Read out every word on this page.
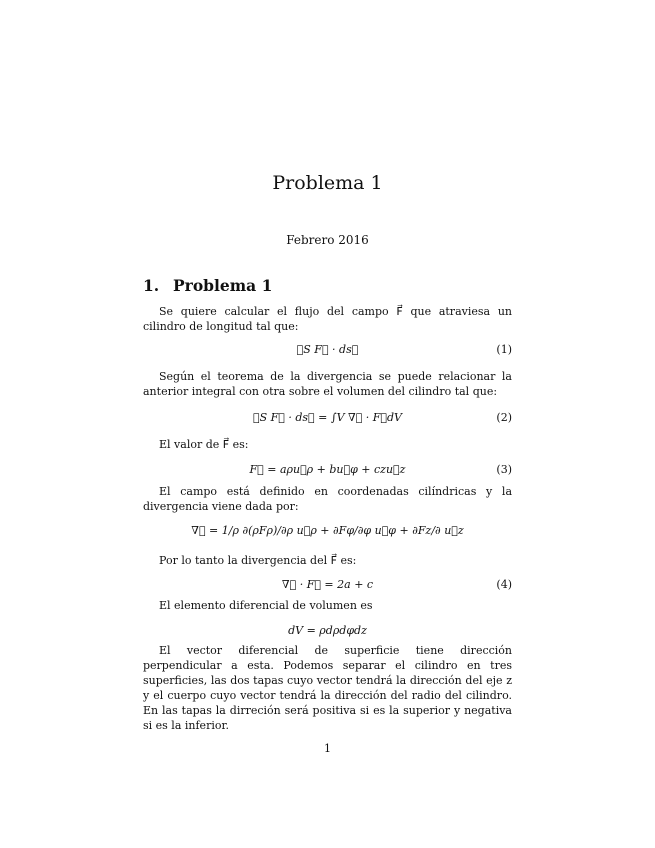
Problema 1
Febrero 2016
1. Problema 1
Se quiere calcular el flujo del campo F⃗ que atraviesa un cilindro de longitud tal que:
∮S F⃗ · ds⃗	(1)
Según el teorema de la divergencia se puede relacionar la anterior integral con otra sobre el volumen del cilindro tal que:
∮S F⃗ · ds⃗ = ∫V ∇⃗ · F⃗dV	(2)
El valor de F⃗ es:
F⃗ = aρu⃗ρ + bu⃗φ + czu⃗z	(3)
El campo está definido en coordenadas cilíndricas y la divergencia viene dada por:
∇⃗ = 1/ρ ∂(ρFρ)/∂ρ u⃗ρ + ∂Fφ/∂φ u⃗φ + ∂Fz/∂ u⃗z
Por lo tanto la divergencia del F⃗ es:
∇⃗ · F⃗ = 2a + c	(4)
El elemento diferencial de volumen es
dV = ρdρdφdz
El vector diferencial de superficie tiene dirección perpendicular a esta. Podemos separar el cilindro en tres superficies, las dos tapas cuyo vector tendrá la dirección del eje z y el cuerpo cuyo vector tendrá la dirección del radio del cilindro. En las tapas la dirreción será positiva si es la superior y negativa si es la inferior.
1
